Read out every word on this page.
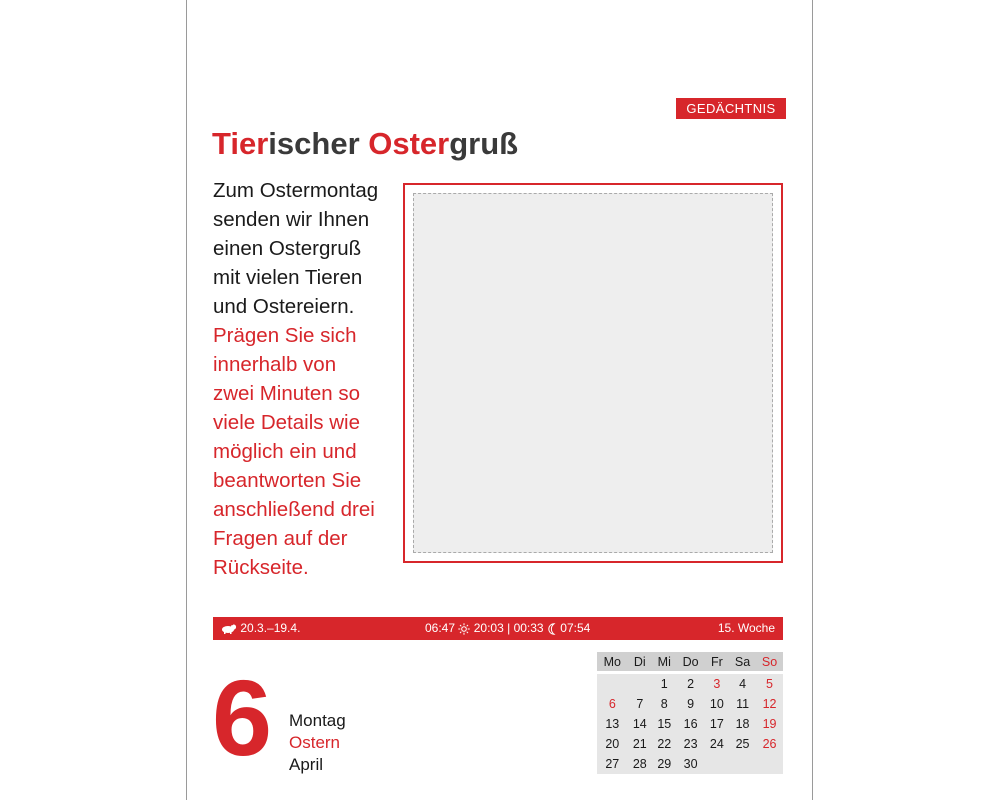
GEDÄCHTNIS
Tierischer Ostergruß
Zum Ostermontag
senden wir Ihnen
einen Ostergruß
mit vielen Tieren
und Ostereiern.
Prägen Sie sich
innerhalb von
zwei Minuten so
viele Details wie
möglich ein und
beantworten Sie
anschließend drei
Fragen auf der
Rückseite.
20.3.–19.4.	06:47 20:03 | 00:33 07:54	15. Woche
6 Montag
Ostern
April
Mo	Di	Mi	Do	Fr	Sa	So
		1	2	3	4	5
6	7	8	9	10	11	12
13	14	15	16	17	18	19
20	21	22	23	24	25	26
27	28	29	30			
